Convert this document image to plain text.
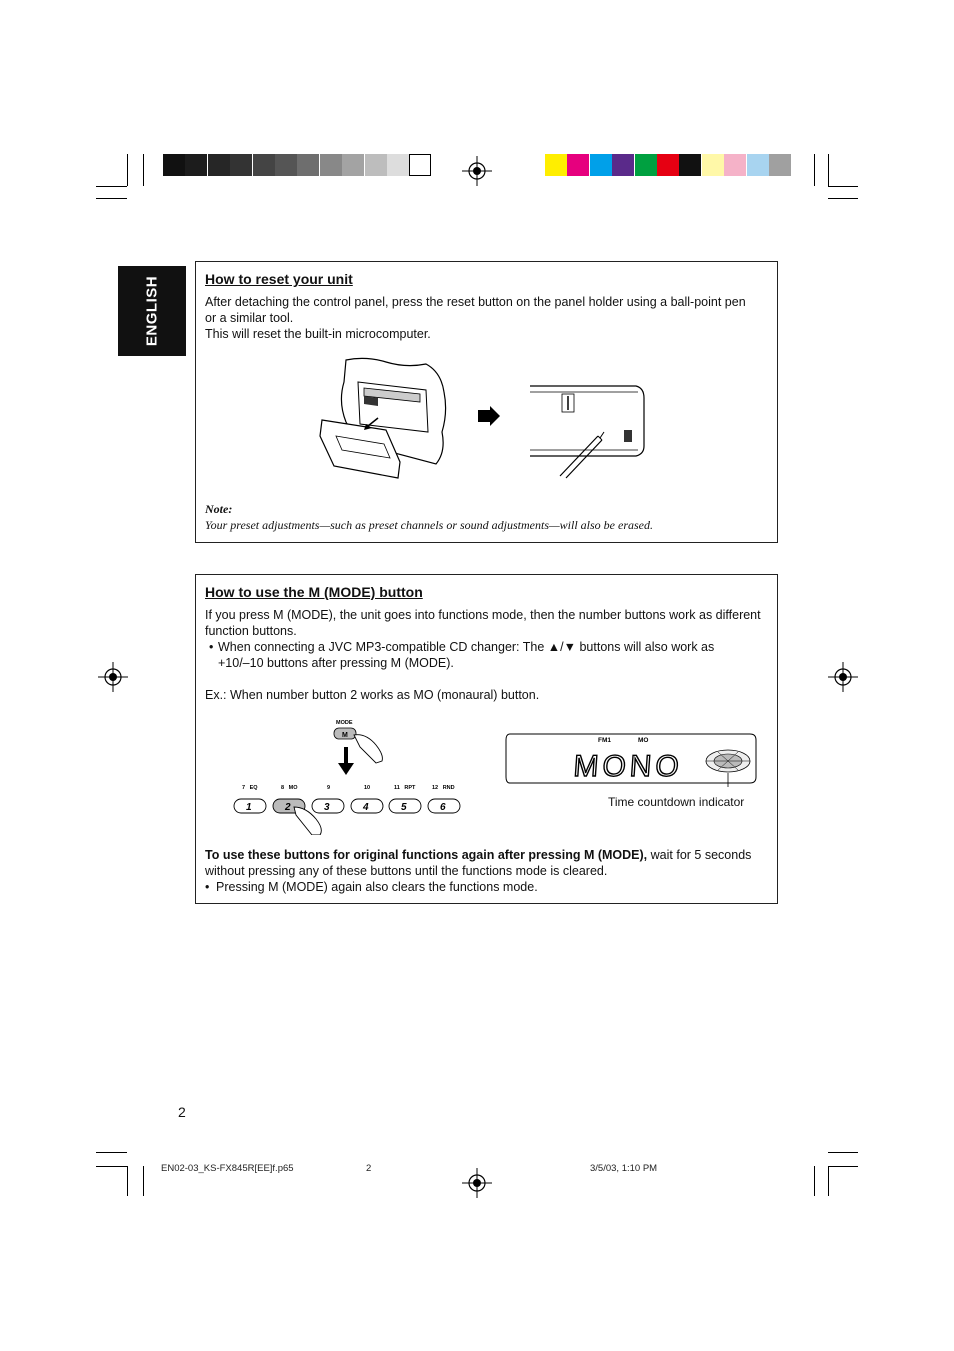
ENGLISH	How to reset your unit
After detaching the control panel, press the reset button on the panel holder using a ball-point pen
or a similar tool.
This will reset the built-in microcomputer.
Note:
Your preset adjustments—such as preset channels or sound adjustments—will also be erased.
How to use the M (MODE) button
If you press M (MODE), the unit goes into functions mode, then the number buttons work as different
function buttons.
• When connecting a JVC MP3-compatible CD changer: The ▲/▼ buttons will also work as
+10/–10 buttons after pressing M (MODE).
Ex.: When number button 2 works as MO (monaural) button.
MODE
M
7   EQ	8   MO	9	10	11   RPT	12   RND
1	2	3	4	5	6
FM1	MO
MONO
Time countdown indicator
To use these buttons for original functions again after pressing M (MODE), wait for 5 seconds
without pressing any of these buttons until the functions mode is cleared.
• Pressing M (MODE) again also clears the functions mode.
2
EN02-03_KS-FX845R[EE]f.p65	2	3/5/03, 1:10 PM
